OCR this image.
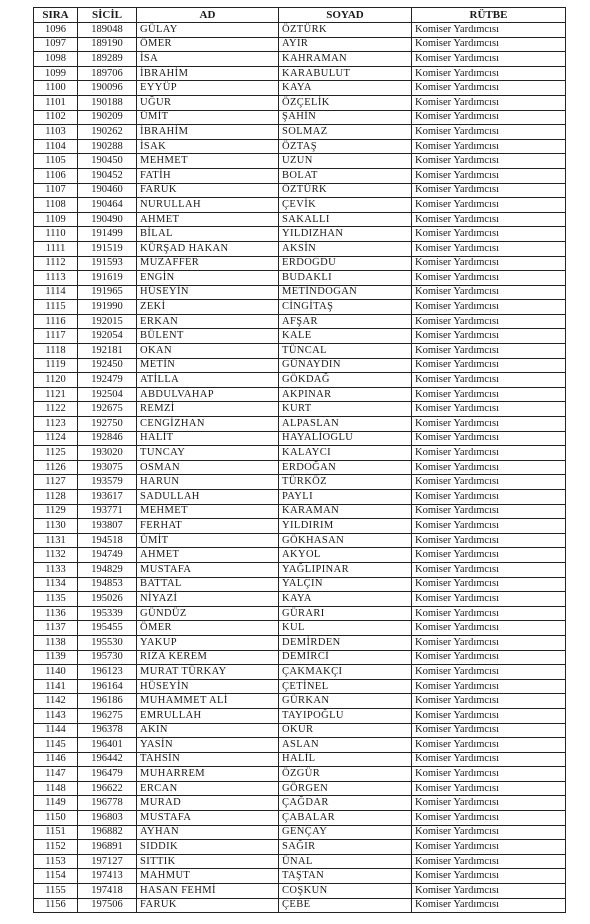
SIRA	SİCİL	AD	SOYAD	RÜTBE
1096	189048	GÜLAY	ÖZTÜRK	Komiser Yardımcısı
1097	189190	ÖMER	AYIR	Komiser Yardımcısı
1098	189289	İSA	KAHRAMAN	Komiser Yardımcısı
1099	189706	İBRAHİM	KARABULUT	Komiser Yardımcısı
1100	190096	EYYÜP	KAYA	Komiser Yardımcısı
1101	190188	UĞUR	ÖZÇELİK	Komiser Yardımcısı
1102	190209	ÜMİT	ŞAHİN	Komiser Yardımcısı
1103	190262	İBRAHİM	SOLMAZ	Komiser Yardımcısı
1104	190288	İSAK	ÖZTAŞ	Komiser Yardımcısı
1105	190450	MEHMET	UZUN	Komiser Yardımcısı
1106	190452	FATİH	BOLAT	Komiser Yardımcısı
1107	190460	FARUK	ÖZTÜRK	Komiser Yardımcısı
1108	190464	NURULLAH	ÇEVİK	Komiser Yardımcısı
1109	190490	AHMET	SAKALLI	Komiser Yardımcısı
1110	191499	BİLAL	YILDIZHAN	Komiser Yardımcısı
1111	191519	KÜRŞAD HAKAN	AKSİN	Komiser Yardımcısı
1112	191593	MUZAFFER	ERDOĞDU	Komiser Yardımcısı
1113	191619	ENGİN	BUDAKLI	Komiser Yardımcısı
1114	191965	HÜSEYİN	METİNDOĞAN	Komiser Yardımcısı
1115	191990	ZEKİ	CİNGİTAŞ	Komiser Yardımcısı
1116	192015	ERKAN	AFŞAR	Komiser Yardımcısı
1117	192054	BÜLENT	KALE	Komiser Yardımcısı
1118	192181	OKAN	TÜNCAL	Komiser Yardımcısı
1119	192450	METİN	GÜNAYDIN	Komiser Yardımcısı
1120	192479	ATİLLA	GÖKDAĞ	Komiser Yardımcısı
1121	192504	ABDULVAHAP	AKPINAR	Komiser Yardımcısı
1122	192675	REMZİ	KURT	Komiser Yardımcısı
1123	192750	CENGİZHAN	ALPASLAN	Komiser Yardımcısı
1124	192846	HALİT	HAYALİOĞLU	Komiser Yardımcısı
1125	193020	TUNCAY	KALAYCI	Komiser Yardımcısı
1126	193075	OSMAN	ERDOĞAN	Komiser Yardımcısı
1127	193579	HARUN	TÜRKÖZ	Komiser Yardımcısı
1128	193617	SADULLAH	PAYLI	Komiser Yardımcısı
1129	193771	MEHMET	KARAMAN	Komiser Yardımcısı
1130	193807	FERHAT	YILDIRIM	Komiser Yardımcısı
1131	194518	ÜMİT	GÖKHASAN	Komiser Yardımcısı
1132	194749	AHMET	AKYOL	Komiser Yardımcısı
1133	194829	MUSTAFA	YAĞLIPINAR	Komiser Yardımcısı
1134	194853	BATTAL	YALÇIN	Komiser Yardımcısı
1135	195026	NİYAZİ	KAYA	Komiser Yardımcısı
1136	195339	GÜNDÜZ	GÜRARI	Komiser Yardımcısı
1137	195455	ÖMER	KUL	Komiser Yardımcısı
1138	195530	YAKUP	DEMİRDEN	Komiser Yardımcısı
1139	195730	RIZA KEREM	DEMİRCİ	Komiser Yardımcısı
1140	196123	MURAT TÜRKAY	ÇAKMAKÇI	Komiser Yardımcısı
1141	196164	HÜSEYİN	ÇETİNEL	Komiser Yardımcısı
1142	196186	MUHAMMET ALİ	GÜRKAN	Komiser Yardımcısı
1143	196275	EMRULLAH	TAYIPOĞLU	Komiser Yardımcısı
1144	196378	AKIN	OKUR	Komiser Yardımcısı
1145	196401	YASİN	ASLAN	Komiser Yardımcısı
1146	196442	TAHSİN	HALİL	Komiser Yardımcısı
1147	196479	MUHARREM	ÖZGÜR	Komiser Yardımcısı
1148	196622	ERCAN	GÖRGEN	Komiser Yardımcısı
1149	196778	MURAD	ÇAĞDAR	Komiser Yardımcısı
1150	196803	MUSTAFA	ÇABALAR	Komiser Yardımcısı
1151	196882	AYHAN	GENÇAY	Komiser Yardımcısı
1152	196891	SIDDIK	SAĞIR	Komiser Yardımcısı
1153	197127	SITTIK	ÜNAL	Komiser Yardımcısı
1154	197413	MAHMUT	TAŞTAN	Komiser Yardımcısı
1155	197418	HASAN FEHMİ	COŞKUN	Komiser Yardımcısı
1156	197506	FARUK	ÇEBE	Komiser Yardımcısı
